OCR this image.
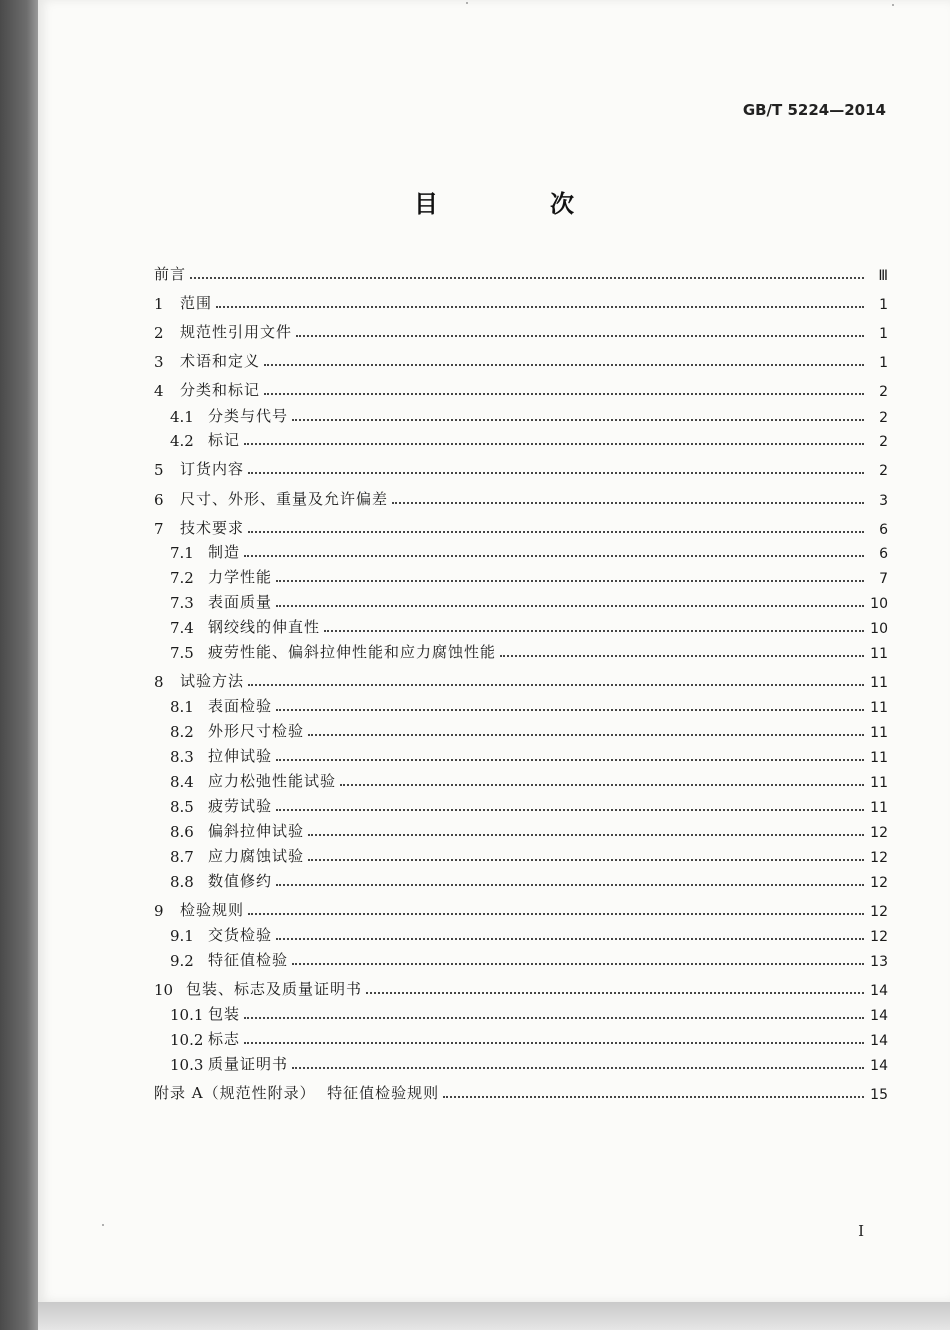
GB/T 5224—2014
目　次
前言	Ⅲ
1	范围	1
2	规范性引用文件	1
3	术语和定义	1
4	分类和标记	2
4.1 分类与代号	2
4.2 标记	2
5	订货内容	2
6	尺寸、外形、重量及允许偏差	3
7	技术要求	6
7.1 制造	6
7.2 力学性能	7
7.3 表面质量	10
7.4 钢绞线的伸直性	10
7.5 疲劳性能、偏斜拉伸性能和应力腐蚀性能	11
8	试验方法	11
8.1 表面检验	11
8.2 外形尺寸检验	11
8.3 拉伸试验	11
8.4 应力松弛性能试验	11
8.5 疲劳试验	11
8.6 偏斜拉伸试验	12
8.7 应力腐蚀试验	12
8.8 数值修约	12
9	检验规则	12
9.1 交货检验	12
9.2 特征值检验	13
10 包装、标志及质量证明书	14
10.1 包装	14
10.2 标志	14
10.3 质量证明书	14
附录 A（规范性附录）  特征值检验规则	15
I
